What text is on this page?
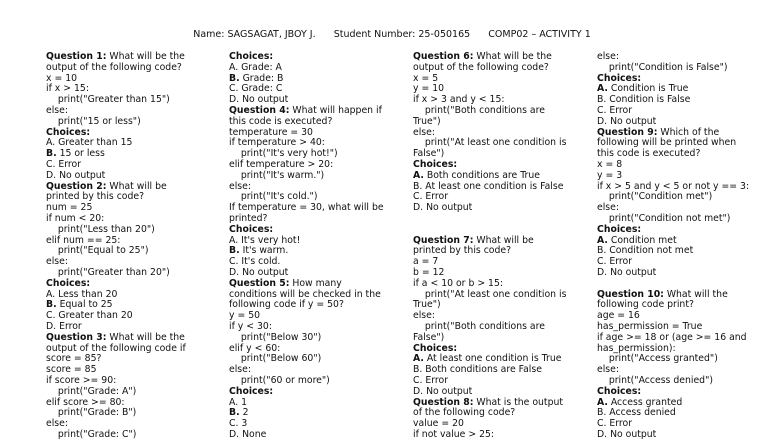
Name: SAGSAGAT, JBOY J. Student Number: 25-050165 COMP02 – ACTIVITY 1
Question 1: What will be the
output of the following code?
x = 10
if x > 15:
print("Greater than 15")
else:
print("15 or less")
Choices:
A. Greater than 15
B. 15 or less
C. Error
D. No output
Question 2: What will be
printed by this code?
num = 25
if num < 20:
print("Less than 20")
elif num == 25:
print("Equal to 25")
else:
print("Greater than 20")
Choices:
A. Less than 20
B. Equal to 25
C. Greater than 20
D. Error
Question 3: What will be the
output of the following code if
score = 85?
score = 85
if score >= 90:
print("Grade: A")
elif score >= 80:
print("Grade: B")
else:
print("Grade: C")
Choices:
A. Grade: A
B. Grade: B
C. Grade: C
D. No output
Question 4: What will happen if
this code is executed?
temperature = 30
if temperature > 40:
print("It's very hot!")
elif temperature > 20:
print("It's warm.")
else:
print("It's cold.")
If temperature = 30, what will be
printed?
Choices:
A. It's very hot!
B. It's warm.
C. It's cold.
D. No output
Question 5: How many
conditions will be checked in the
following code if y = 50?
y = 50
if y < 30:
print("Below 30")
elif y < 60:
print("Below 60")
else:
print("60 or more")
Choices:
A. 1
B. 2
C. 3
D. None
Question 6: What will be the
output of the following code?
x = 5
y = 10
if x > 3 and y < 15:
print("Both conditions are
True")
else:
print("At least one condition is
False")
Choices:
A. Both conditions are True
B. At least one condition is False
C. Error
D. No output
Question 7: What will be
printed by this code?
a = 7
b = 12
if a < 10 or b > 15:
print("At least one condition is
True")
else:
print("Both conditions are
False")
Choices:
A. At least one condition is True
B. Both conditions are False
C. Error
D. No output
Question 8: What is the output
of the following code?
value = 20
if not value > 25:
else:
print("Condition is False")
Choices:
A. Condition is True
B. Condition is False
C. Error
D. No output
Question 9: Which of the
following will be printed when
this code is executed?
x = 8
y = 3
if x > 5 and y < 5 or not y == 3:
print("Condition met")
else:
print("Condition not met")
Choices:
A. Condition met
B. Condition not met
C. Error
D. No output
Question 10: What will the
following code print?
age = 16
has_permission = True
if age >= 18 or (age >= 16 and
has_permission):
print("Access granted")
else:
print("Access denied")
Choices:
A. Access granted
B. Access denied
C. Error
D. No output
